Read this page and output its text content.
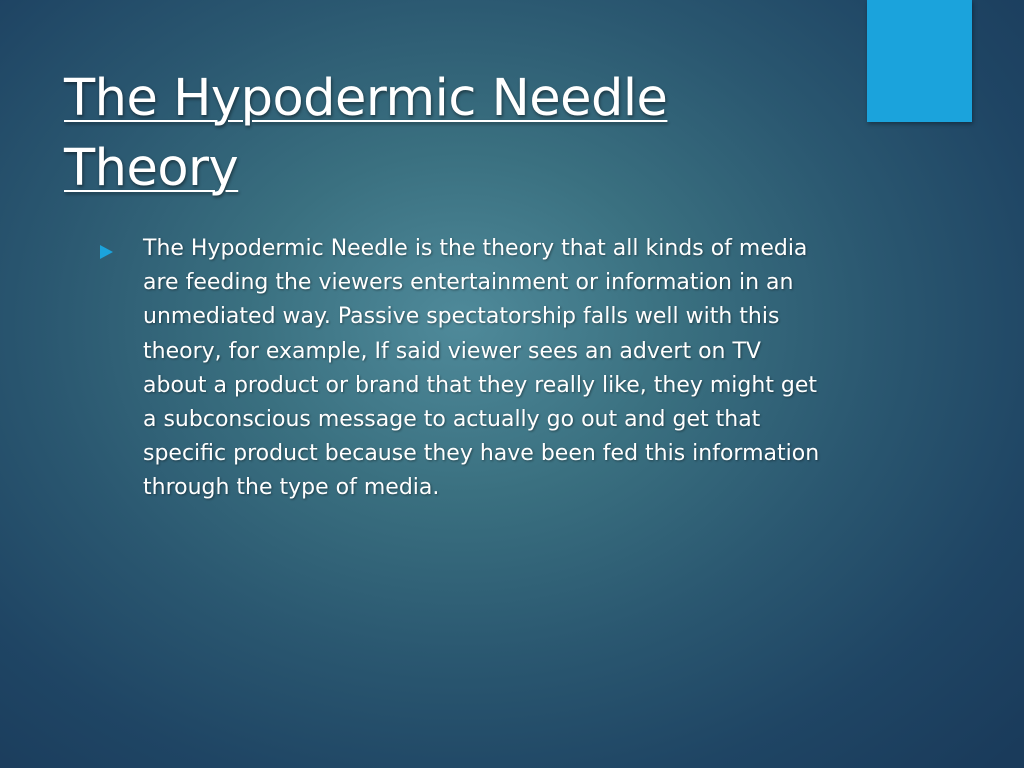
The Hypodermic Needle Theory
The Hypodermic Needle is the theory that all kinds of media are feeding the viewers entertainment or information in an unmediated way. Passive spectatorship falls well with this theory, for example, If said viewer sees an advert on TV about a product or brand that they really like, they might get a subconscious message to actually go out and get that specific product because they have been fed this information through the type of media.
